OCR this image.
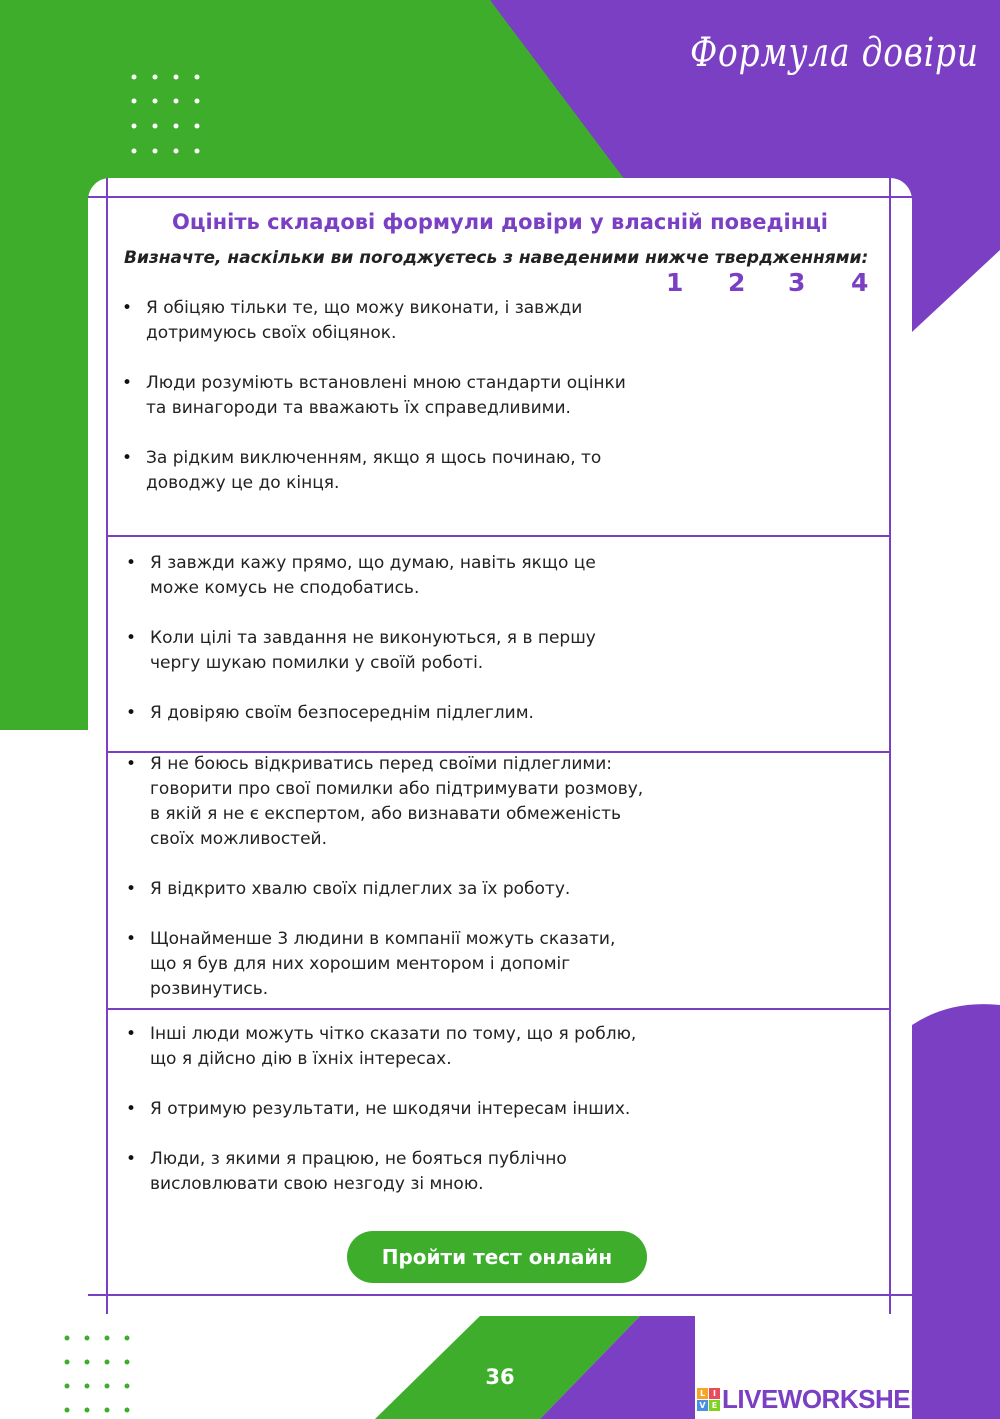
Формула довіри
Оцініть складові формули довіри у власній поведінці
Визначте, наскільки ви погоджуєтесь з наведеними нижче твердженнями:
1 2 3 4
• Я обіцяю тільки те, що можу виконати, і завжди дотримуюсь своїх обіцянок.
• Люди розуміють встановлені мною стандарти оцінки та винагороди та вважають їх справедливими.
• За рідким виключенням, якщо я щось починаю, то доводжу це до кінця.
• Я завжди кажу прямо, що думаю, навіть якщо це може комусь не сподобатись.
• Коли цілі та завдання не виконуються, я в першу чергу шукаю помилки у своїй роботі.
• Я довіряю своїм безпосереднім підлеглим.
• Я не боюсь відкриватись перед своїми підлеглими: говорити про свої помилки або підтримувати розмову, в якій я не є експертом, або визнавати обмеженість своїх можливостей.
• Я відкрито хвалю своїх підлеглих за їх роботу.
• Щонайменше 3 людини в компанії можуть сказати, що я був для них хорошим ментором і допоміг розвинутись.
• Інші люди можуть чітко сказати по тому, що я роблю, що я дійсно дію в їхніх інтересах.
• Я отримую результати, не шкодячи інтересам інших.
• Люди, з якими я працюю, не бояться публічно висловлювати свою незгоду зі мною.
Пройти тест онлайн
36
L I
V E LIVEWORKSHEETS
